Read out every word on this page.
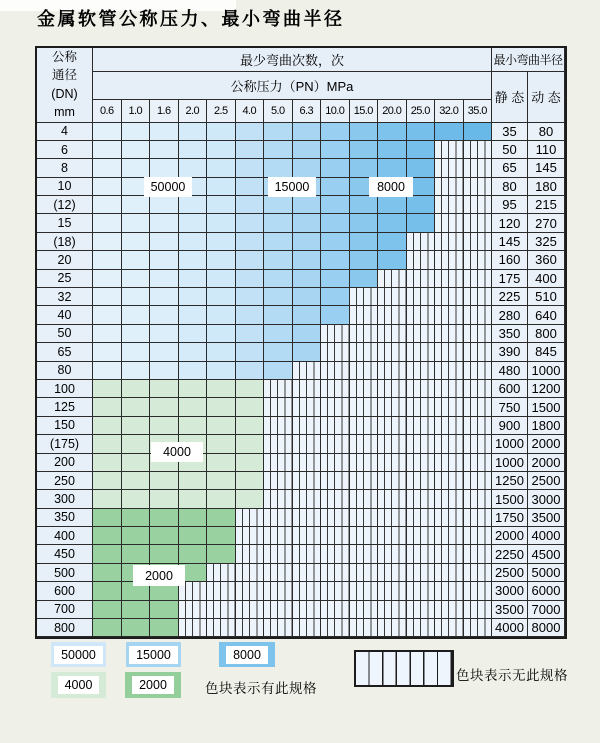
金属软管公称压力、最小弯曲半径
公称
通径
(DN)
mm
最少弯曲次数，次	最小弯曲半径
公称压力（PN）MPa
静 态 动 态
0.6	1.0	1.6	2.0	2.5	4.0	5.0	6.3	10.0 15.0 20.0 25.0 32.0 35.0
4	35	80
6	50	110
8	65	145
10	80	180
(12)	95	215
15	120	270
(18)	145	325
20	160	360
25	175	400
32	225	510
40	280	640
50	350	800
65	390	845
80	480 1000
100	600 1200
125	750 1500
150	900 1800
(175)	1000 2000
200	1000 2000
250	1250 2500
300	1500 3000
350	1750 3500
400	2000 4000
450	2250 4500
500	2500 5000
600	3000 6000
700	3500 7000
800	4000 8000
50000	15000	8000
4000
2000
色块表示有此规格
色块表示无此规格
50000	15000	8000
4000	2000
